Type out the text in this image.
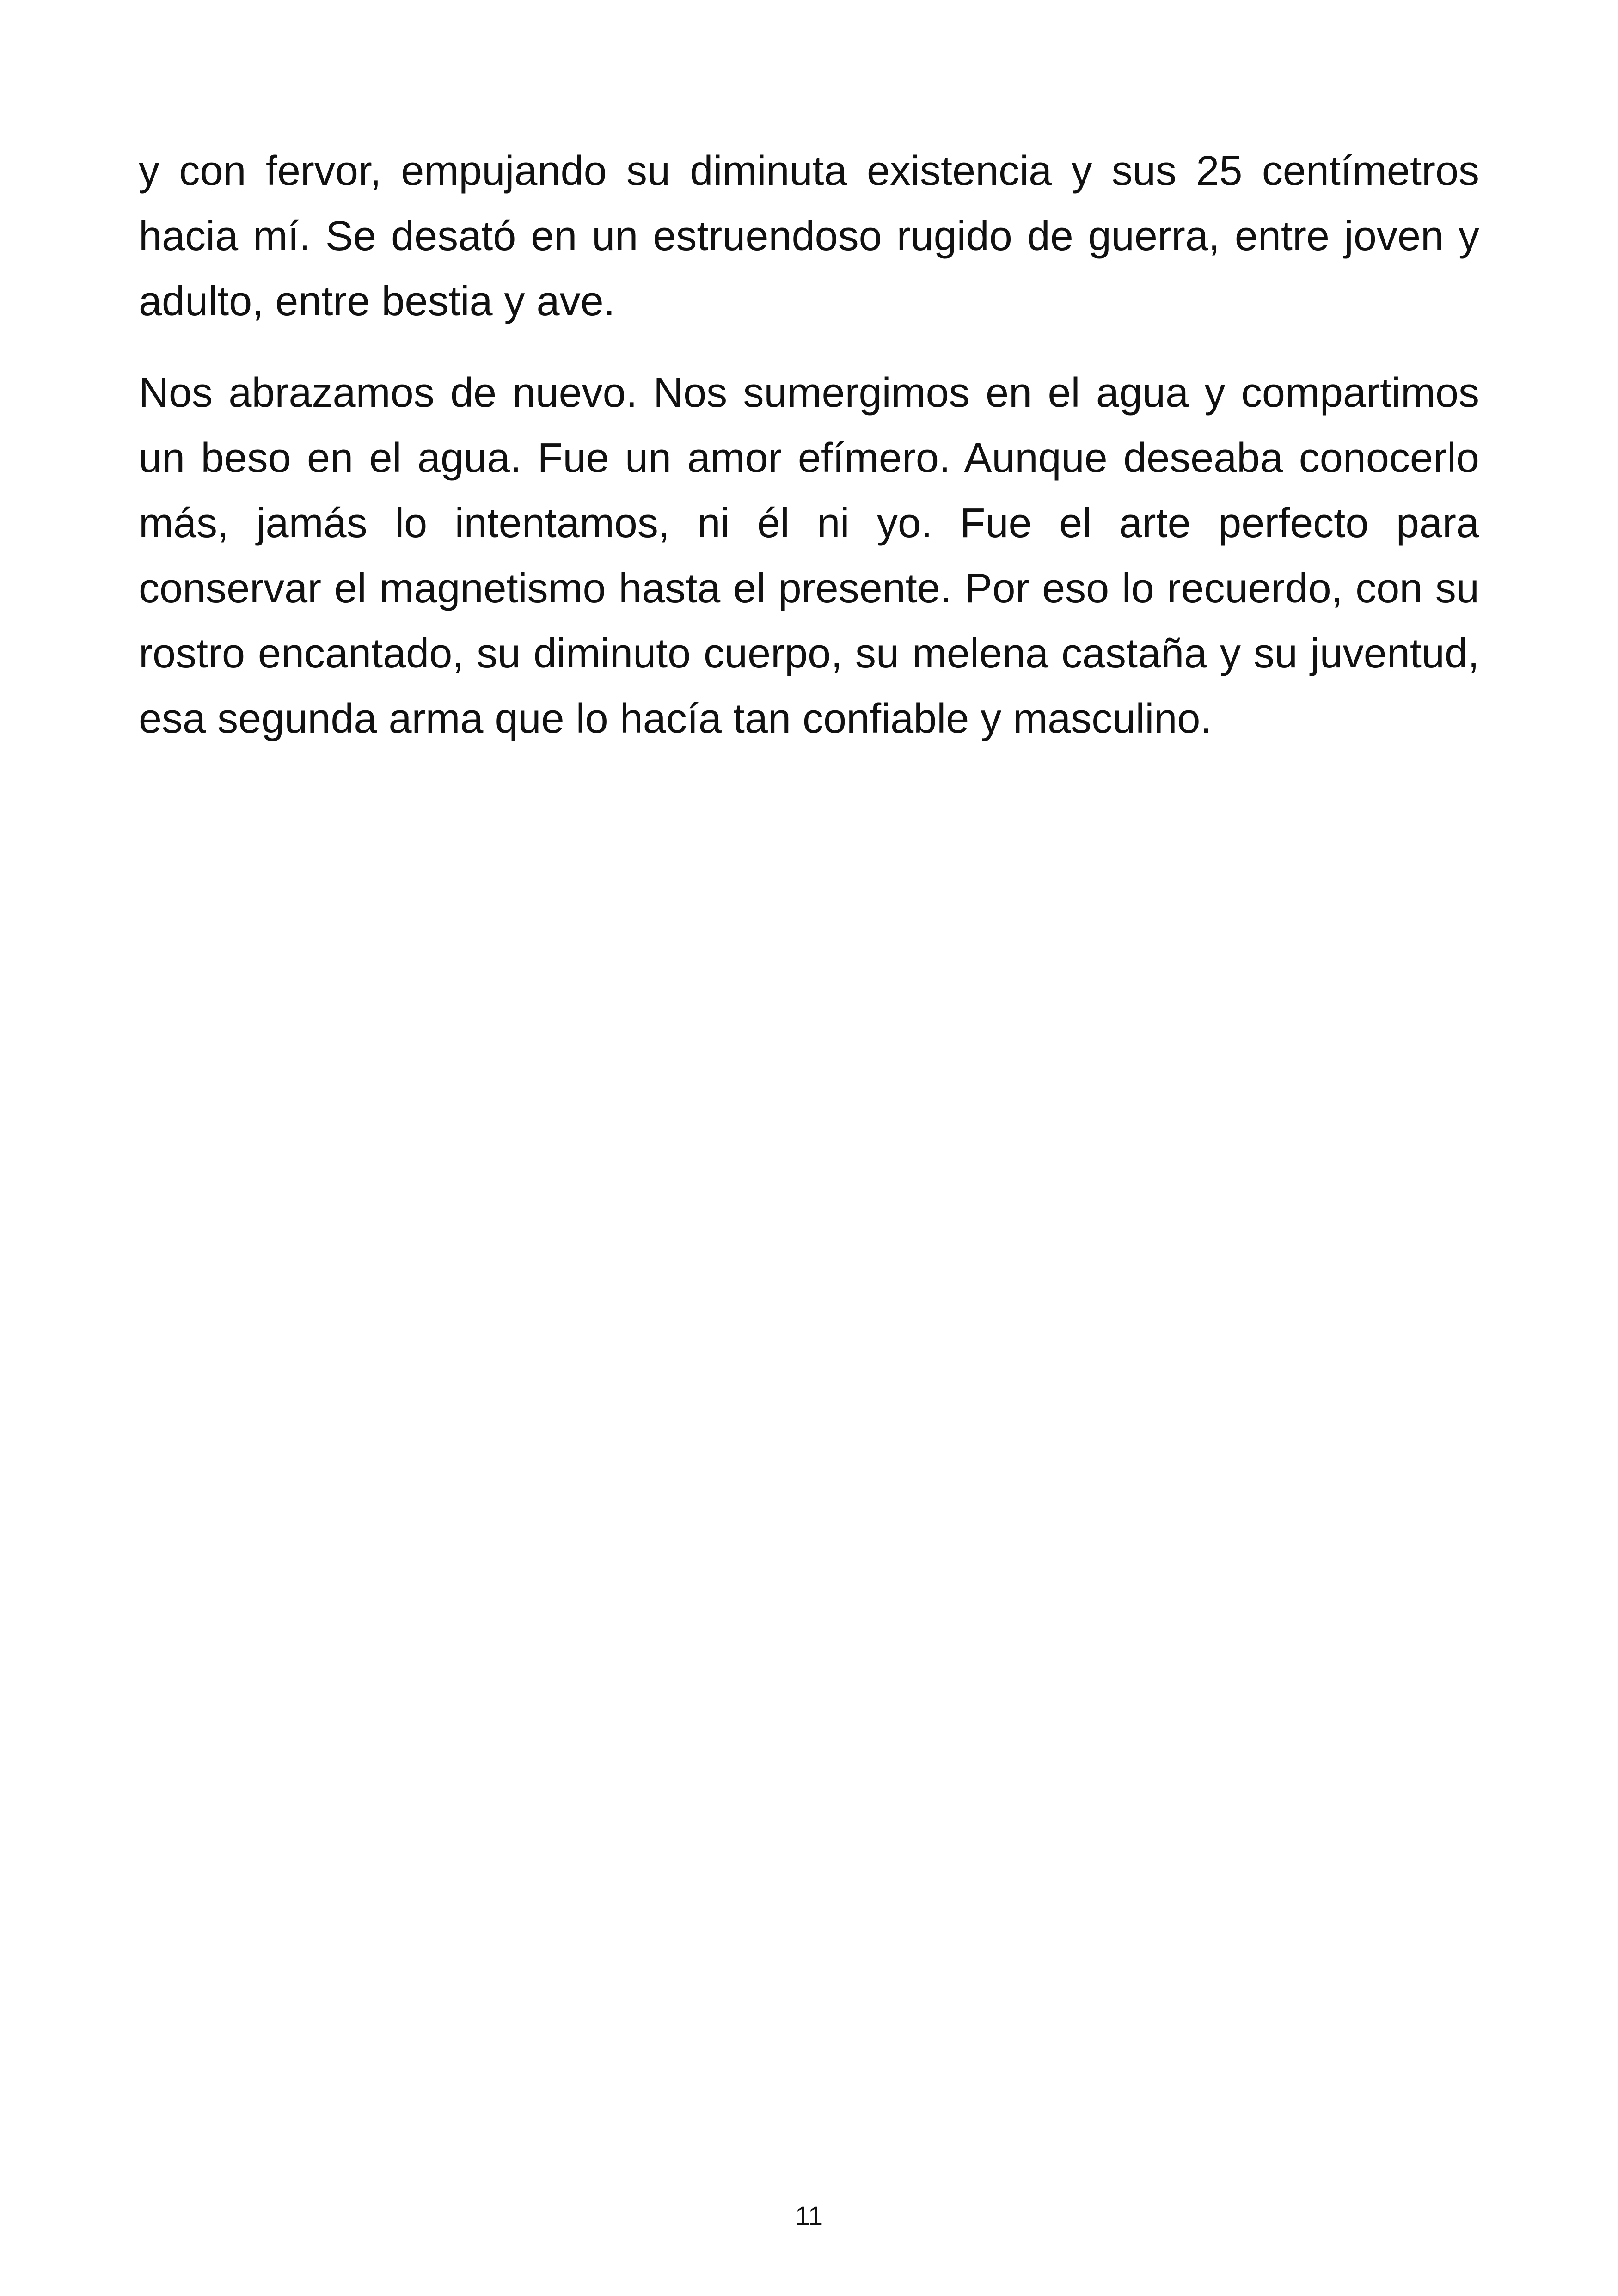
y con fervor, empujando su diminuta existencia y sus 25 centímetros hacia mí. Se desató en un estruendoso rugido de guerra, entre joven y adulto, entre bestia y ave.

Nos abrazamos de nuevo. Nos sumergimos en el agua y compartimos un beso en el agua. Fue un amor efímero. Aunque deseaba conocerlo más, jamás lo intentamos, ni él ni yo. Fue el arte perfecto para conservar el magnetismo hasta el presente. Por eso lo recuerdo, con su rostro encantado, su diminuto cuerpo, su melena castaña y su juventud, esa segunda arma que lo hacía tan confiable y masculino.

11
